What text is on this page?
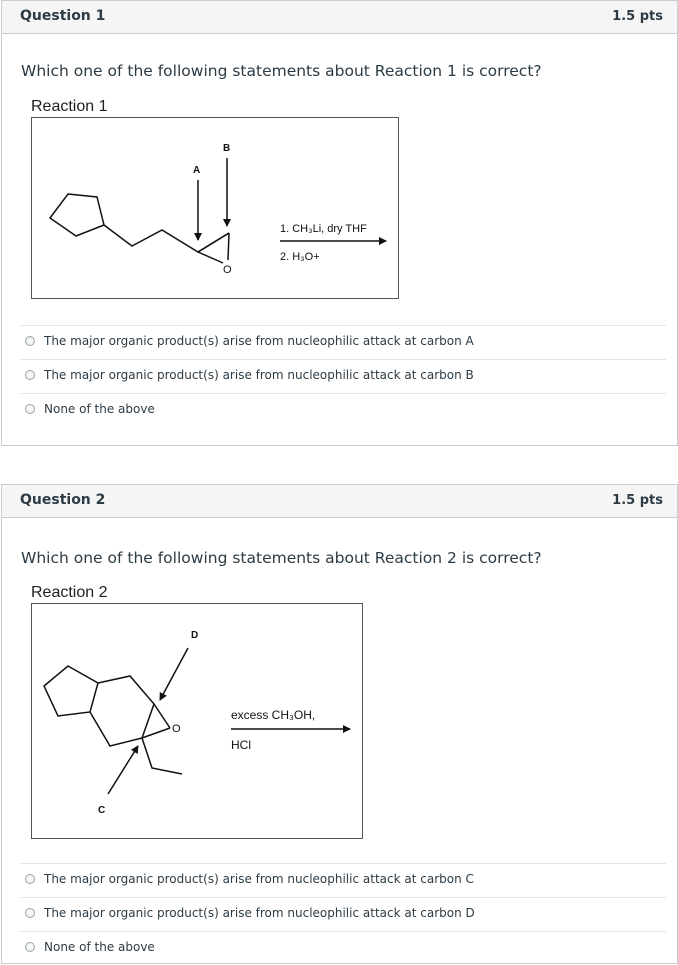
Question 1	1.5 pts
Which one of the following statements about Reaction 1 is correct?
Reaction 1
A
B
O
1. CH₃Li, dry THF
2. H₃O+
The major organic product(s) arise from nucleophilic attack at carbon A
The major organic product(s) arise from nucleophilic attack at carbon B
None of the above
Question 2	1.5 pts
Which one of the following statements about Reaction 2 is correct?
Reaction 2
D
C
O
excess CH₃OH,
HCl
The major organic product(s) arise from nucleophilic attack at carbon C
The major organic product(s) arise from nucleophilic attack at carbon D
None of the above
